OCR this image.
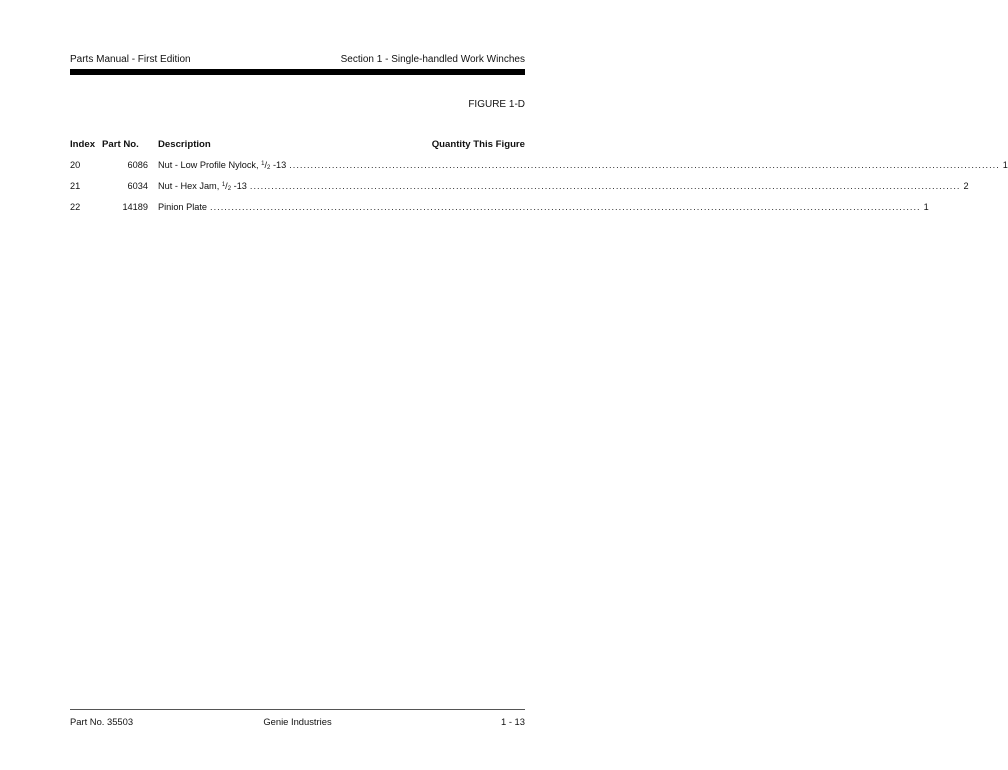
Parts Manual - First Edition	Section 1 - Single-handled Work Winches
FIGURE 1-D
Index Part No. Description	Quantity This Figure
20	6086 Nut - Low Profile Nylock, $^1/_2$ -13 ........................................................................................................................................................................................................ 1
21	6034 Nut - Hex Jam, $^1/_2$ -13 ........................................................................................................................................................................................................ 2
22	14189 Pinion Plate ........................................................................................................................................................................................................ 1
Part No. 35503	Genie Industries	1 - 13
